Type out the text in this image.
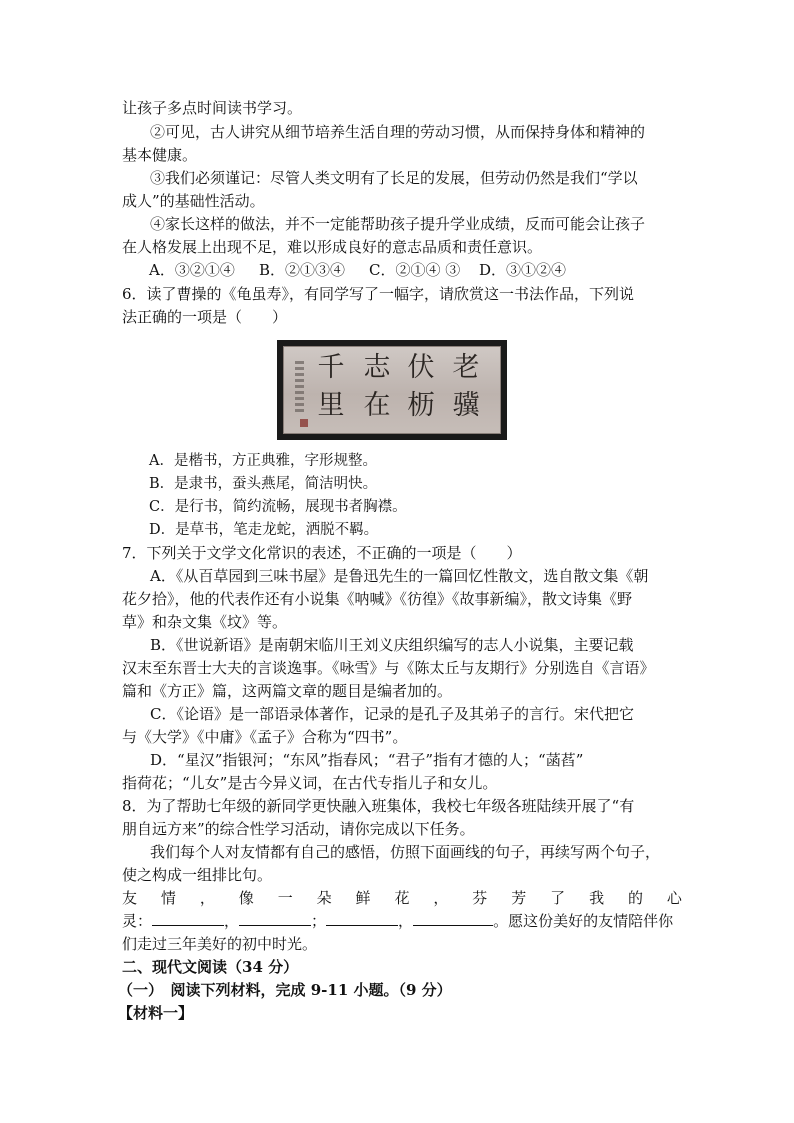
让孩子多点时间读书学习。
②可见，古人讲究从细节培养生活自理的劳动习惯，从而保持身体和精神的
基本健康。
③我们必须谨记：尽管人类文明有了长足的发展，但劳动仍然是我们“学以
成人”的基础性活动。
④家长这样的做法，并不一定能帮助孩子提升学业成绩，反而可能会让孩子
在人格发展上出现不足，难以形成良好的意志品质和责任意识。
A．③②①④ B．②①③④ C．②①④ ③ D．③①②④
6．读了曹操的《龟虽寿》，有同学写了一幅字，请欣赏这一书法作品，下列说
法正确的一项是（　　）
老
伏
志
千
骥
枥
在
里
A．是楷书，方正典雅，字形规整。
B．是隶书，蚕头燕尾，简洁明快。
C．是行书，简约流畅，展现书者胸襟。
D．是草书，笔走龙蛇，洒脱不羁。
7．下列关于文学文化常识的表述，不正确的一项是（　　）
A．《从百草园到三味书屋》是鲁迅先生的一篇回忆性散文，选自散文集《朝
花夕拾》，他的代表作还有小说集《呐喊》《彷徨》《故事新编》，散文诗集《野
草》和杂文集《坟》等。
B．《世说新语》是南朝宋临川王刘义庆组织编写的志人小说集，主要记载
汉末至东晋士大夫的言谈逸事。《咏雪》与《陈太丘与友期行》分别选自《言语》
篇和《方正》篇，这两篇文章的题目是编者加的。
C．《论语》是一部语录体著作，记录的是孔子及其弟子的言行。宋代把它
与《大学》《中庸》《孟子》合称为“四书”。
D．“星汉”指银河；“东风”指春风；“君子”指有才德的人；“菡萏”
指荷花；“儿女”是古今异义词，在古代专指儿子和女儿。
8．为了帮助七年级的新同学更快融入班集体，我校七年级各班陆续开展了“有
朋自远方来”的综合性学习活动，请你完成以下任务。
我们每个人对友情都有自己的感悟，仿照下面画线的句子，再续写两个句子，
使之构成一组排比句。
友 情 ， 像 一 朵 鲜 花 ， 芬 芳 了 我 的 心
灵：	，	；	，	。愿这份美好的友情陪伴你
们走过三年美好的初中时光。
二、现代文阅读（34 分）
（一）　阅读下列材料，完成 9-11 小题。（9 分）
【材料一】
